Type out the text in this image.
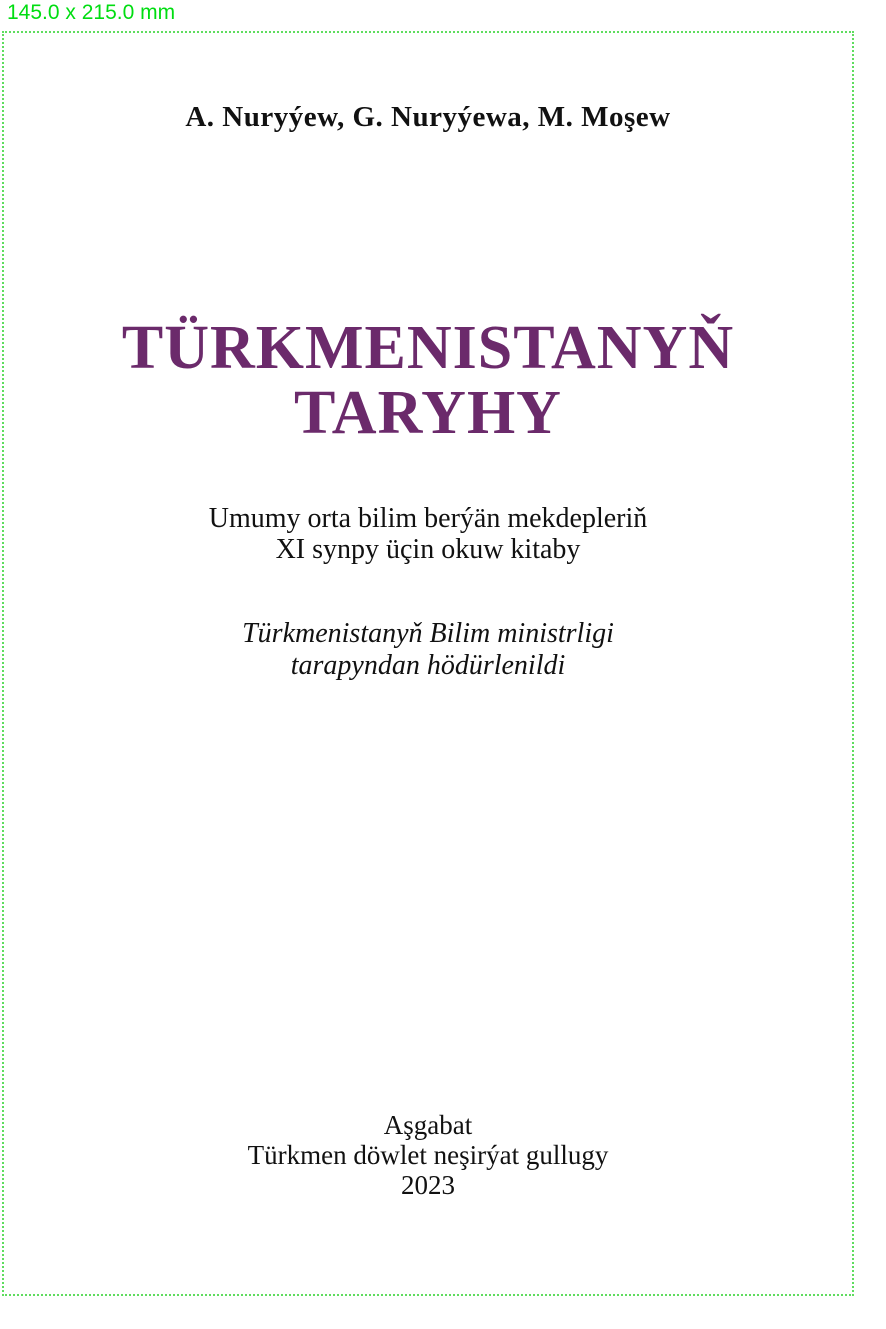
145.0 x 215.0 mm
A. Nuryýew, G. Nuryýewa, M. Moşew
TÜRKMENISTANYŇ
TARYHY
Umumy orta bilim berýän mekdepleriň
XI synpy üçin okuw kitaby
Türkmenistanyň Bilim ministrligi
tarapyndan hödürlenildi
Aşgabat
Türkmen döwlet neşirýat gullugy
2023
